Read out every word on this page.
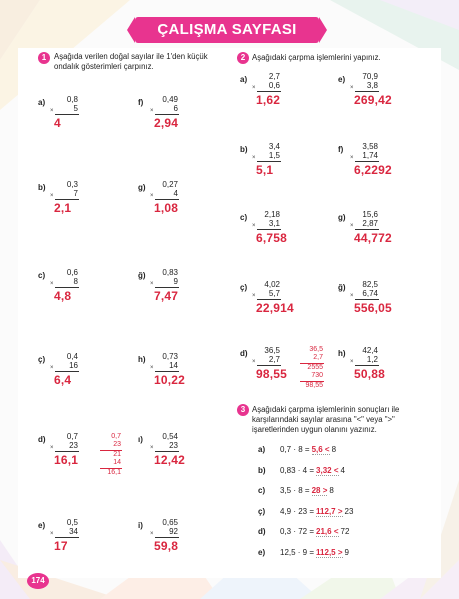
ÇALIŞMA SAYFASI
1 Aşağıda verilen doğal sayılar ile 1'den küçük ondalık gösterimleri çarpınız.
2 Aşağıdaki çarpma işlemlerini yapınız.
a)	0,8
5
×
4
f) 0,49
6
×
2,94
b)	0,3
7
×
2,1
g) 0,27
4
×
1,08
c)	0,6
8
×
4,8
ğ) 0,83
9
×
7,47
ç)	0,4
16
×
6,4
h) 0,73
14
×
10,22
d)	0,7
23
×
16,1
ı) 0,54
23
×
12,42
e)	0,5
34
×
17
i) 0,65
92
×
59,8
a)	2,7
0,6
×
1,62
e) 70,9
3,8
×
269,42
b)	3,4
1,5
×
5,1
f) 3,58
1,74
×
6,2292
c) 2,18
3,1
×
6,758
g) 15,6
2,87
×
44,772
ç) 4,02
5,7
×
22,914
ğ) 82,5
6,74
×
556,05
d) 36,5
2,7
×
98,55
h) 42,4
1,2
×
50,88
36,5
2,7
2555
730
98,55
0,7
23
21
14
16,1
3 Aşağıdaki çarpma işlemlerinin sonuçları ile karşılarındaki sayılar arasına "<" veya ">" işaretlerinden uygun olanını yazınız.
a) 0,7 · 8 = 5,6 < 8
b) 0,83 · 4 = 3,32 < 4
c) 3,5 · 8 = 28 > 8
ç) 4,9 · 23 = 112,7 > 23
d) 0,3 · 72 = 21,6 < 72
e) 12,5 · 9 = 112,5 > 9
174
